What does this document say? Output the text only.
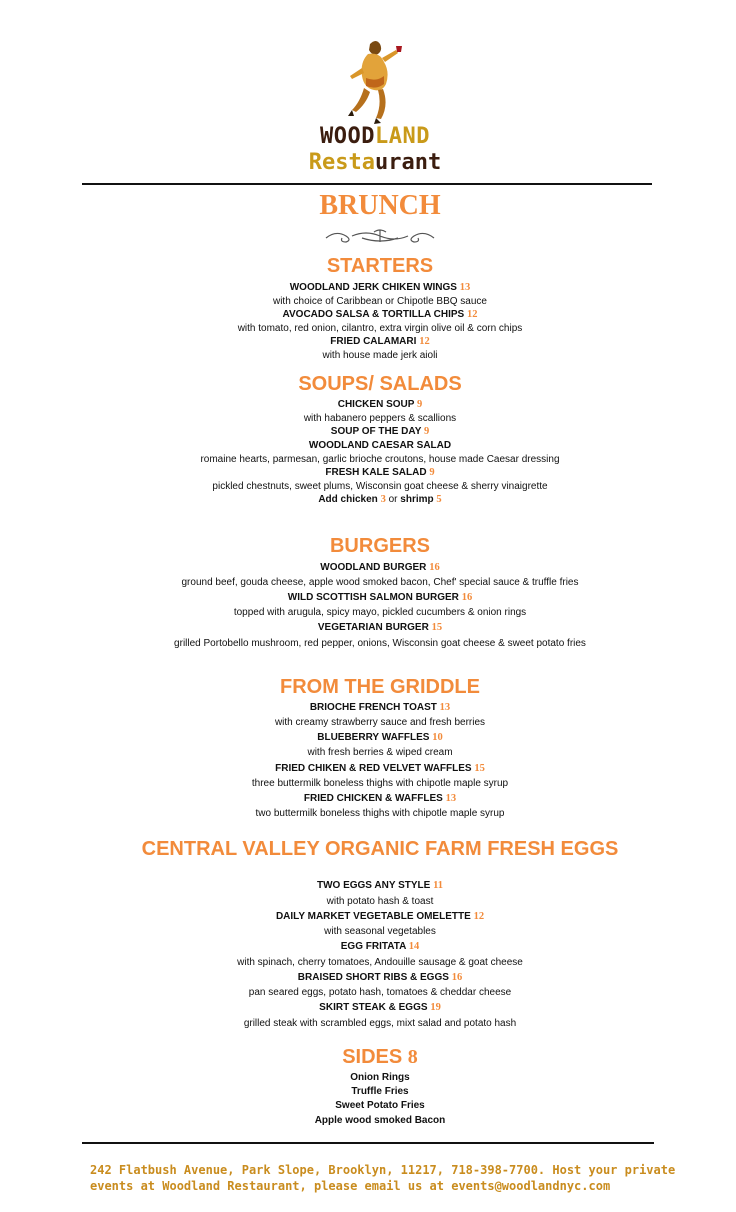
WOODLAND
Restaurant
BRUNCH
STARTERS
WOODLAND JERK CHIKEN WINGS 13
with choice of Caribbean or Chipotle BBQ sauce
AVOCADO SALSA & TORTILLA CHIPS 12
with tomato, red onion, cilantro, extra virgin olive oil & corn chips
FRIED CALAMARI 12
with house made jerk aioli
SOUPS/ SALADS
CHICKEN SOUP 9
with habanero peppers & scallions
SOUP OF THE DAY 9
WOODLAND CAESAR SALAD
romaine hearts, parmesan, garlic brioche croutons, house made Caesar dressing
FRESH KALE SALAD 9
pickled chestnuts, sweet plums, Wisconsin goat cheese & sherry vinaigrette
Add chicken 3 or shrimp 5
BURGERS
WOODLAND BURGER 16
ground beef, gouda cheese, apple wood smoked bacon, Chef' special sauce & truffle fries
WILD SCOTTISH SALMON BURGER 16
topped with arugula, spicy mayo, pickled cucumbers & onion rings
VEGETARIAN BURGER 15
grilled Portobello mushroom, red pepper, onions, Wisconsin goat cheese & sweet potato fries
FROM THE GRIDDLE
BRIOCHE FRENCH TOAST 13
with creamy strawberry sauce and fresh berries
BLUEBERRY WAFFLES 10
with fresh berries & wiped cream
FRIED CHIKEN & RED VELVET WAFFLES 15
three buttermilk boneless thighs with chipotle maple syrup
FRIED CHICKEN & WAFFLES 13
two buttermilk boneless thighs with chipotle maple syrup
CENTRAL VALLEY ORGANIC FARM FRESH EGGS
TWO EGGS ANY STYLE 11
with potato hash & toast
DAILY MARKET VEGETABLE OMELETTE 12
with seasonal vegetables
EGG FRITATA 14
with spinach, cherry tomatoes, Andouille sausage & goat cheese
BRAISED SHORT RIBS & EGGS 16
pan seared eggs, potato hash, tomatoes & cheddar cheese
SKIRT STEAK & EGGS 19
grilled steak with scrambled eggs, mixt salad and potato hash
SIDES 8
Onion Rings
Truffle Fries
Sweet Potato Fries
Apple wood smoked Bacon
242 Flatbush Avenue, Park Slope, Brooklyn, 11217, 718-398-7700. Host your private
events at Woodland Restaurant, please email us at events@woodlandnyc.com
